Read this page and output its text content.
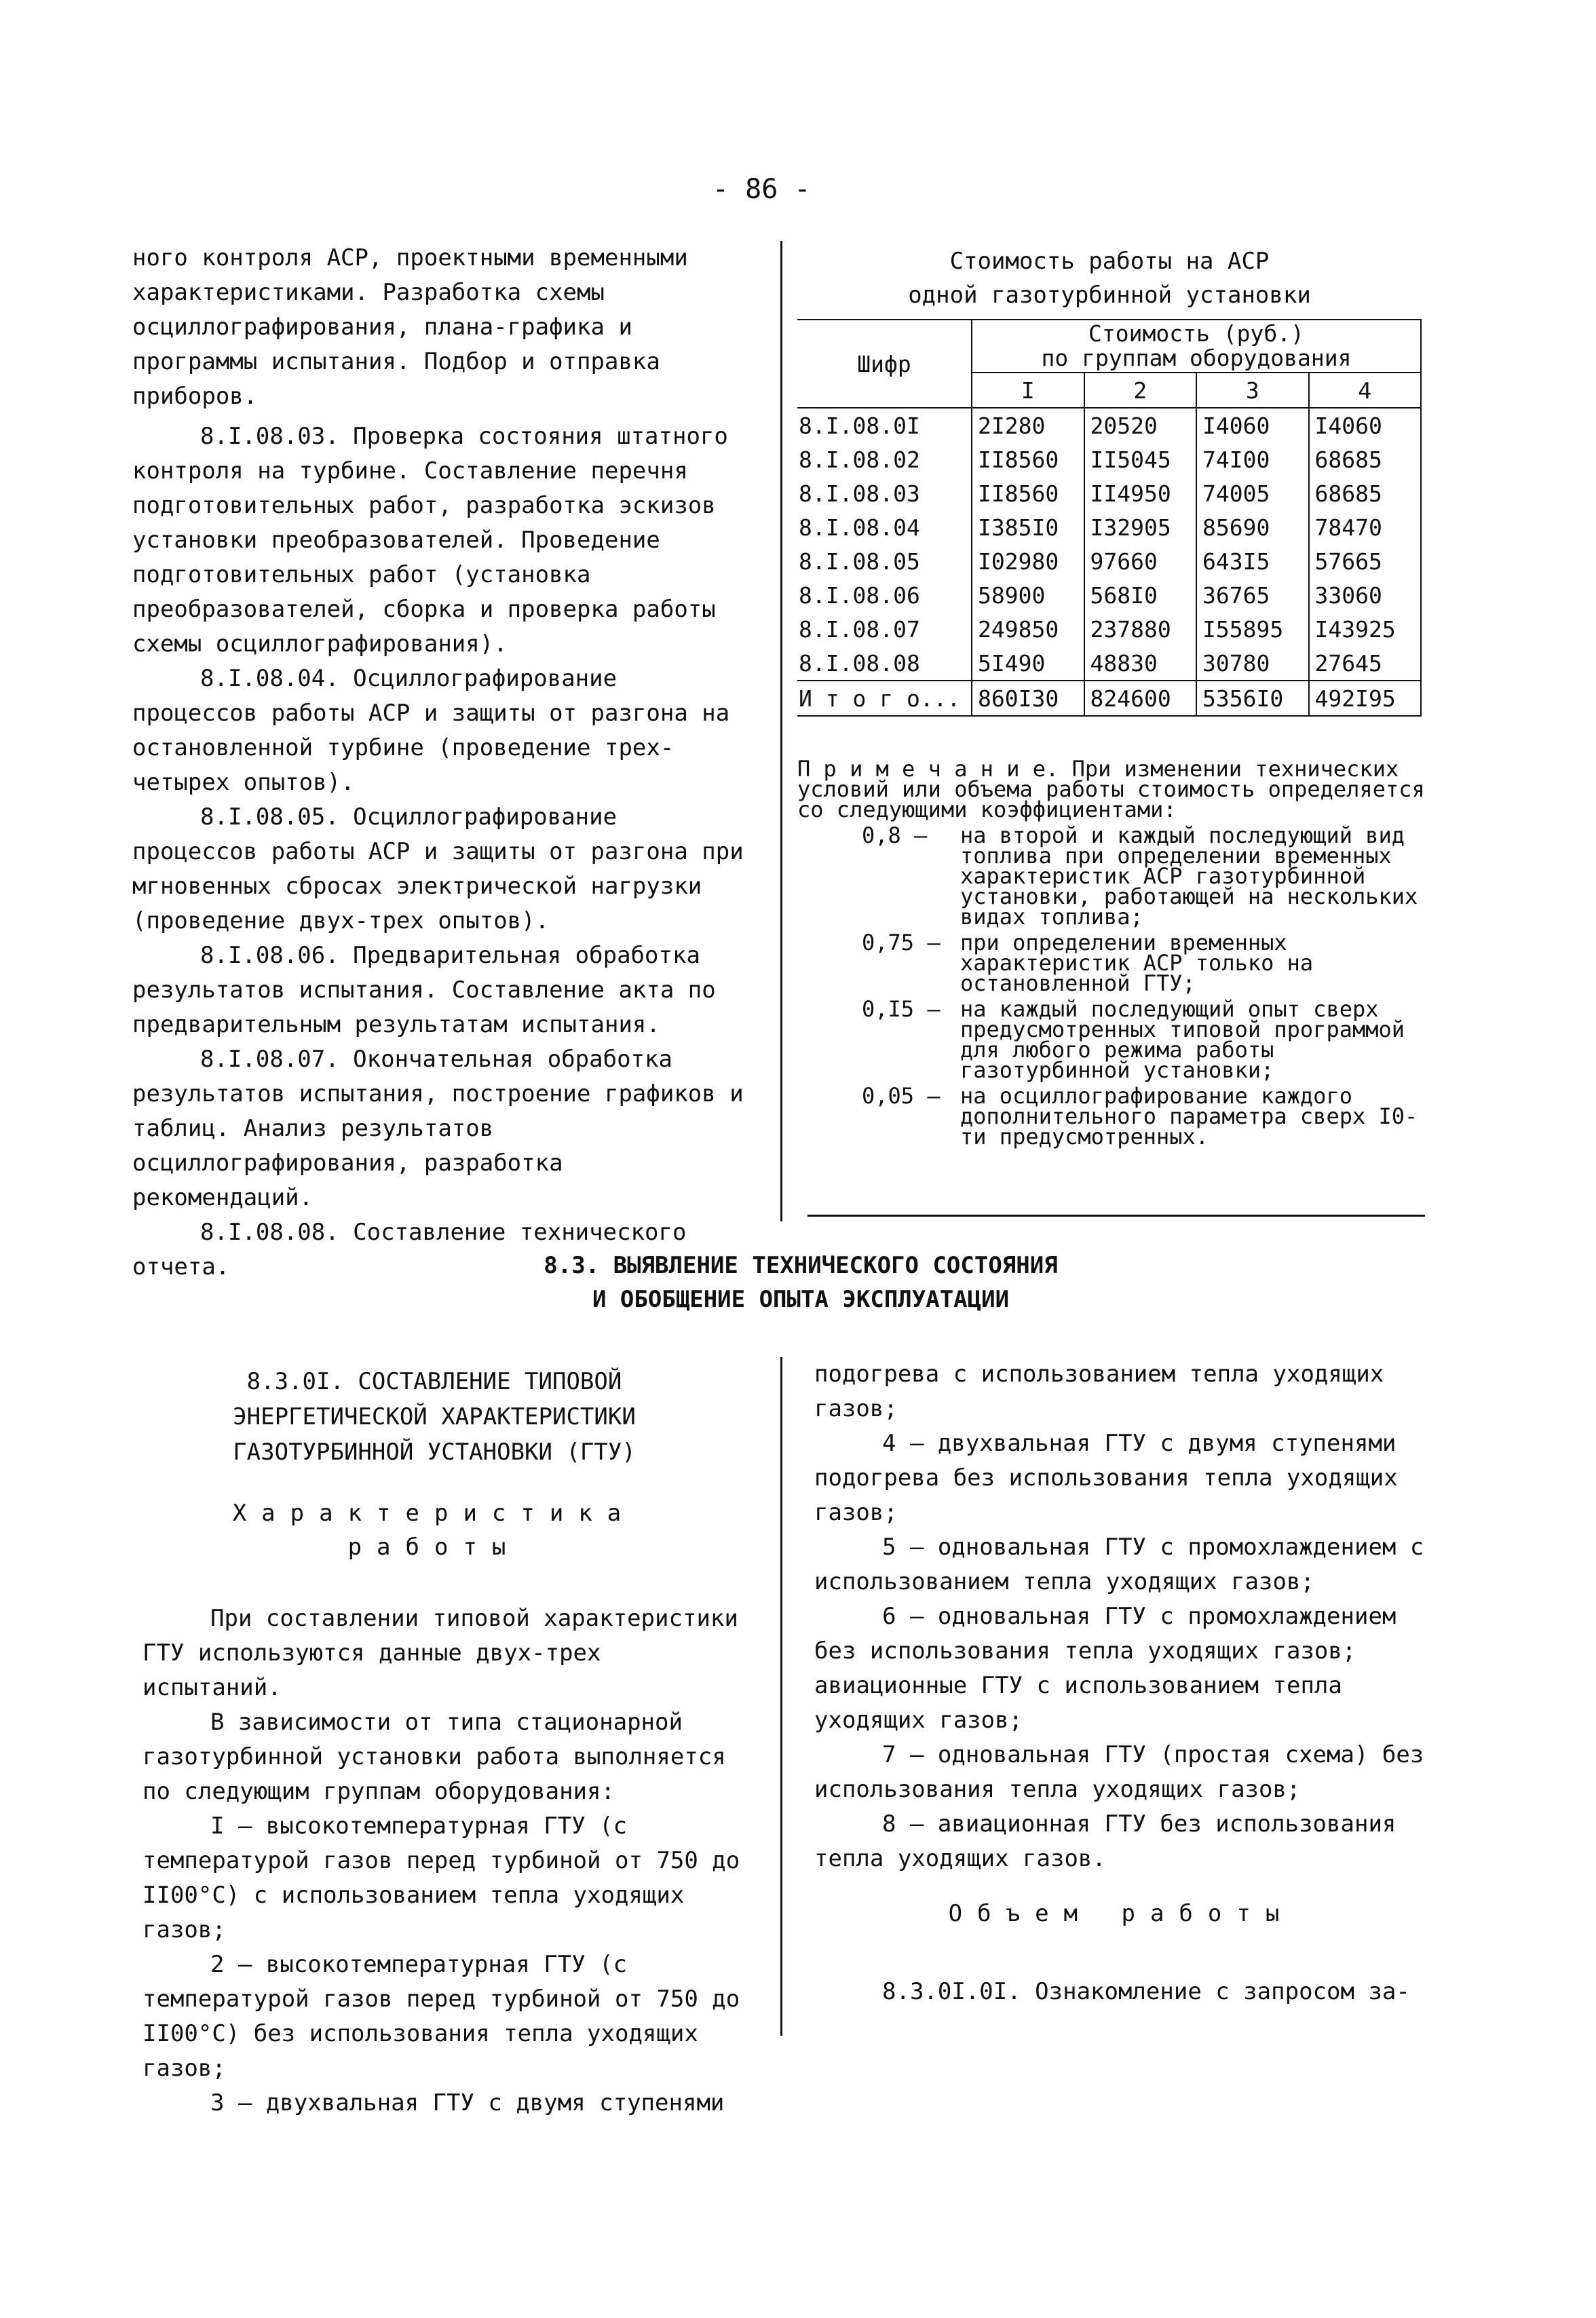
- 86 -

ного контроля АСР, проектными временными характеристиками. Разработка схемы осциллографирования, плана-графика и программы испытания. Подбор и отправка приборов.

8.I.08.03. Проверка состояния штатного контроля на турбине. Составление перечня подготовительных работ, разработка эскизов установки преобразователей. Проведение подготовительных работ (установка преобразователей, сборка и проверка работы схемы осциллографирования).

8.I.08.04. Осциллографирование процессов работы АСР и защиты от разгона на остановленной турбине (проведение трех-четырех опытов).

8.I.08.05. Осциллографирование процессов работы АСР и защиты от разгона при мгновенных сбросах электрической нагрузки (проведение двух-трех опытов).

8.I.08.06. Предварительная обработка результатов испытания. Составление акта по предварительным результатам испытания.

8.I.08.07. Окончательная обработка результатов испытания, построение графиков и таблиц. Анализ результатов осциллографирования, разработка рекомендаций.

8.I.08.08. Составление технического отчета.

Стоимость работы на АСР
одной газотурбинной установки
Шифр	Стоимость (руб.)
по группам оборудования			

	I	2	3	4
8.I.08.0I	2I280	20520	I4060	I4060
8.I.08.02	II8560	II5045	74I00	68685
8.I.08.03	II8560	II4950	74005	68685
8.I.08.04	I385I0	I32905	85690	78470
8.I.08.05	I02980	97660	643I5	57665
8.I.08.06	58900	568I0	36765	33060
8.I.08.07	249850	237880	I55895	I43925
8.I.08.08	5I490	48830	30780	27645
И т о г о...	860I30	824600	5356I0	492I95
П р и м е ч а н и е. При изменении технических условий или объема работы стоимость определяется со следующими коэффициентами:
0,8 –	на второй и каждый последующий вид топлива при определении временных характеристик АСР газотурбинной установки, работающей на нескольких видах топлива;
0,75 – при определении временных характеристик АСР только на остановленной ГТУ;
0,I5 – на каждый последующий опыт сверх предусмотренных типовой программой для любого режима работы газотурбинной установки;
0,05 – на осциллографирование каждого дополнительного параметра сверх I0-ти предусмотренных.
8.3. ВЫЯВЛЕНИЕ ТЕХНИЧЕСКОГО СОСТОЯНИЯ
И ОБОБЩЕНИЕ ОПЫТА ЭКСПЛУАТАЦИИ
8.3.0I. СОСТАВЛЕНИЕ ТИПОВОЙ
ЭНЕРГЕТИЧЕСКОЙ ХАРАКТЕРИСТИКИ
ГАЗОТУРБИННОЙ УСТАНОВКИ (ГТУ)
Характеристика
работы

При составлении типовой характеристики ГТУ используются данные двух-трех испытаний.

В зависимости от типа стационарной газотурбинной установки работа выполняется по следующим группам оборудования:

I – высокотемпературная ГТУ (с температурой газов перед турбиной от 750 до II00°С) с использованием тепла уходящих газов;

2 – высокотемпературная ГТУ (с температурой газов перед турбиной от 750 до II00°С) без использования тепла уходящих газов;

3 – двухвальная ГТУ с двумя ступенями

подогрева с использованием тепла уходящих газов;

4 – двухвальная ГТУ с двумя ступенями подогрева без использования тепла уходящих газов;

5 – одновальная ГТУ с промохлаждением с использованием тепла уходящих газов;

6 – одновальная ГТУ с промохлаждением без использования тепла уходящих газов; авиационные ГТУ с использованием тепла уходящих газов;

7 – одновальная ГТУ (простая схема) без использования тепла уходящих газов;

8 – авиационная ГТУ без использования тепла уходящих газов.

Объем работы
8.3.0I.0I. Ознакомление с запросом за-
